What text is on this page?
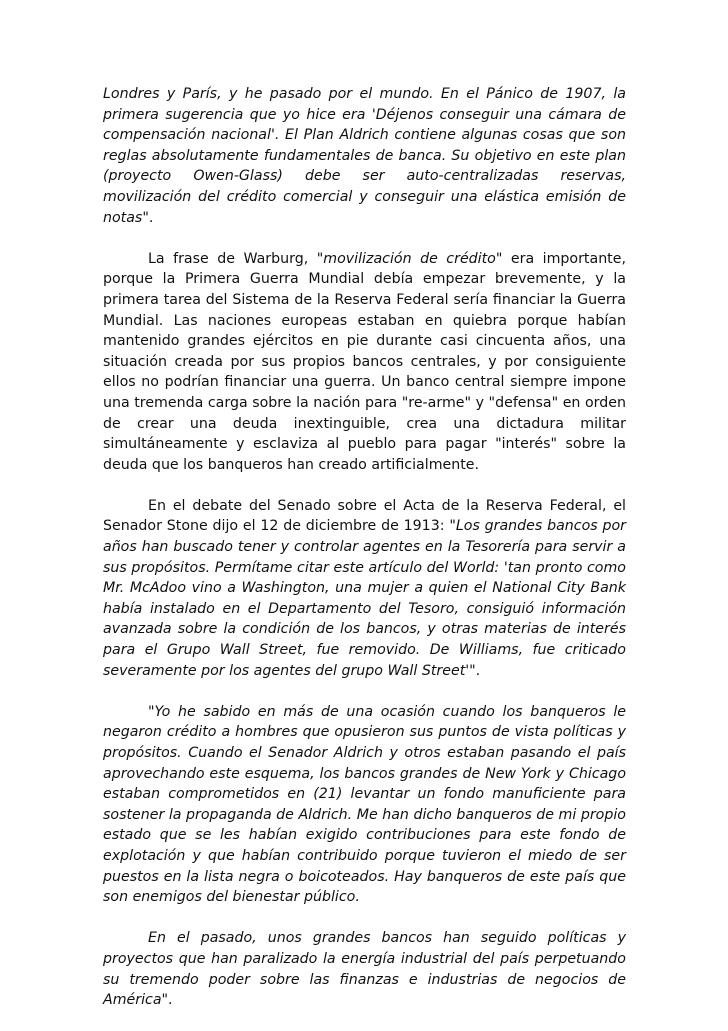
Londres y París, y he pasado por el mundo. En el Pánico de 1907, la primera sugerencia que yo hice era 'Déjenos conseguir una cámara de compensación nacional'. El Plan Aldrich contiene algunas cosas que son reglas absolutamente fundamentales de banca. Su objetivo en este plan (proyecto Owen-Glass) debe ser auto-centralizadas reservas, movilización del crédito comercial y conseguir una elástica emisión de notas".

La frase de Warburg, "movilización de crédito" era importante, porque la Primera Guerra Mundial debía empezar brevemente, y la primera tarea del Sistema de la Reserva Federal sería financiar la Guerra Mundial. Las naciones europeas estaban en quiebra porque habían mantenido grandes ejércitos en pie durante casi cincuenta años, una situación creada por sus propios bancos centrales, y por consiguiente ellos no podrían financiar una guerra. Un banco central siempre impone una tremenda carga sobre la nación para "re-arme" y "defensa" en orden de crear una deuda inextinguible, crea una dictadura militar simultáneamente y esclaviza al pueblo para pagar "interés" sobre la deuda que los banqueros han creado artificialmente.

En el debate del Senado sobre el Acta de la Reserva Federal, el Senador Stone dijo el 12 de diciembre de 1913: "Los grandes bancos por años han buscado tener y controlar agentes en la Tesorería para servir a sus propósitos. Permítame citar este artículo del World: 'tan pronto como Mr. McAdoo vino a Washington, una mujer a quien el National City Bank había instalado en el Departamento del Tesoro, consiguió información avanzada sobre la condición de los bancos, y otras materias de interés para el Grupo Wall Street, fue removido. De Williams, fue criticado severamente por los agentes del grupo Wall Street'".

"Yo he sabido en más de una ocasión cuando los banqueros le negaron crédito a hombres que opusieron sus puntos de vista políticas y propósitos. Cuando el Senador Aldrich y otros estaban pasando el país aprovechando este esquema, los bancos grandes de New York y Chicago estaban comprometidos en (21) levantar un fondo manuficiente para sostener la propaganda de Aldrich. Me han dicho banqueros de mi propio estado que se les habían exigido contribuciones para este fondo de explotación y que habían contribuido porque tuvieron el miedo de ser puestos en la lista negra o boicoteados. Hay banqueros de este país que son enemigos del bienestar público.

En el pasado, unos grandes bancos han seguido políticas y proyectos que han paralizado la energía industrial del país perpetuando su tremendo poder sobre las finanzas e industrias de negocios de América".
